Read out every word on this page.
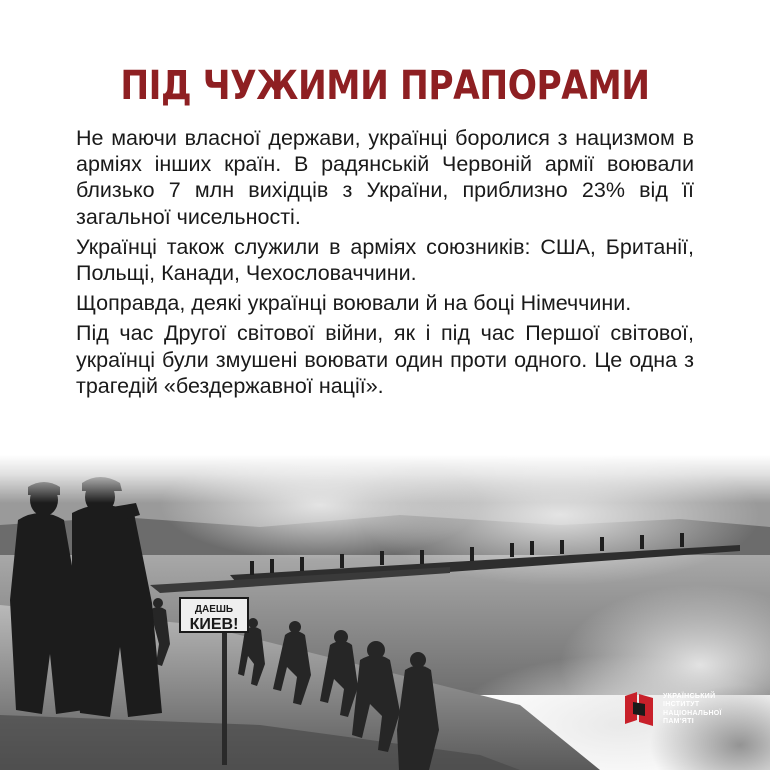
ПІД ЧУЖИМИ ПРАПОРАМИ

Не маючи власної держави, українці боролися з нацизмом в арміях інших країн. В радянській Червоній армії воювали близько 7 млн вихідців з України, приблизно 23% від її загальної чисельності.

Українці також служили в арміях союзників: США, Британії, Польщі, Канади, Чехословаччини.

Щоправда, деякі українці воювали й на боці Німеччини.

Під час Другої світової війни, як і під час Першої світової, українці були змушені воювати один проти одного. Це одна з трагедій «бездержавної нації».

ДАЕШЬ
КИЕВ!
УКРАЇНСЬКИЙ
ІНСТИТУТ
НАЦІОНАЛЬНОЇ
ПАМ'ЯТІ
